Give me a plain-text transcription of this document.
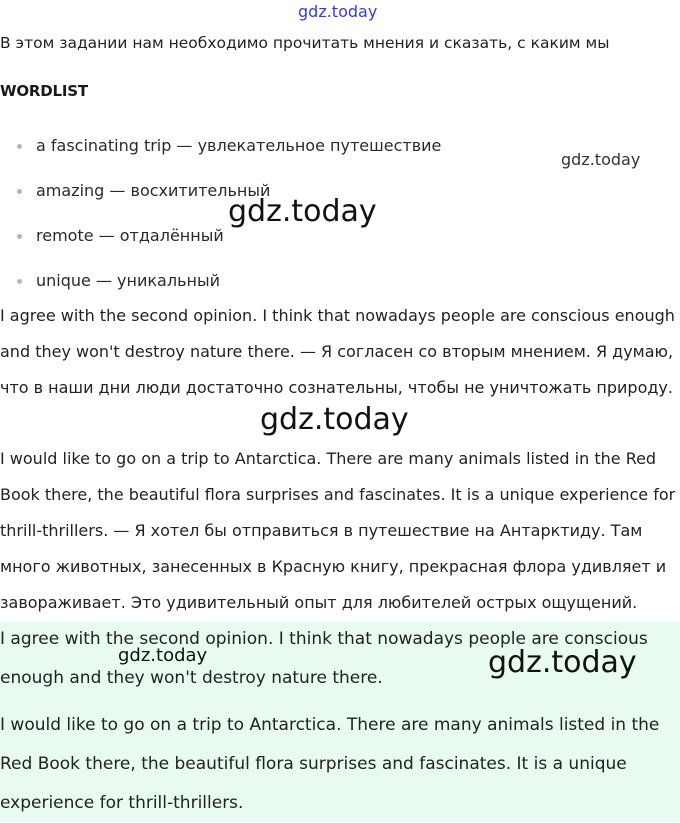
gdz.today
В этом задании нам необходимо прочитать мнения и сказать, с каким мы
WORDLIST
a fascinating trip — увлекательное путешествие
amazing — восхитительный
remote — отдалённый
unique — уникальный

I agree with the second opinion. I think that nowadays people are conscious enough and they won't destroy nature there. — Я согласен со вторым мнением. Я думаю, что в наши дни люди достаточно сознательны, чтобы не уничтожать природу.

I would like to go on a trip to Antarctica. There are many animals listed in the Red Book there, the beautiful flora surprises and fascinates. It is a unique experience for thrill-thrillers. — Я хотел бы отправиться в путешествие на Антарктиду. Там много животных, занесенных в Красную книгу, прекрасная флора удивляет и завораживает. Это удивительный опыт для любителей острых ощущений.

I agree with the second opinion. I think that nowadays people are conscious enough and they won't destroy nature there.

I would like to go on a trip to Antarctica. There are many animals listed in the Red Book there, the beautiful flora surprises and fascinates. It is a unique experience for thrill-thrillers.

gdz.today
gdz.today
gdz.today
gdz.today	gdz.today
